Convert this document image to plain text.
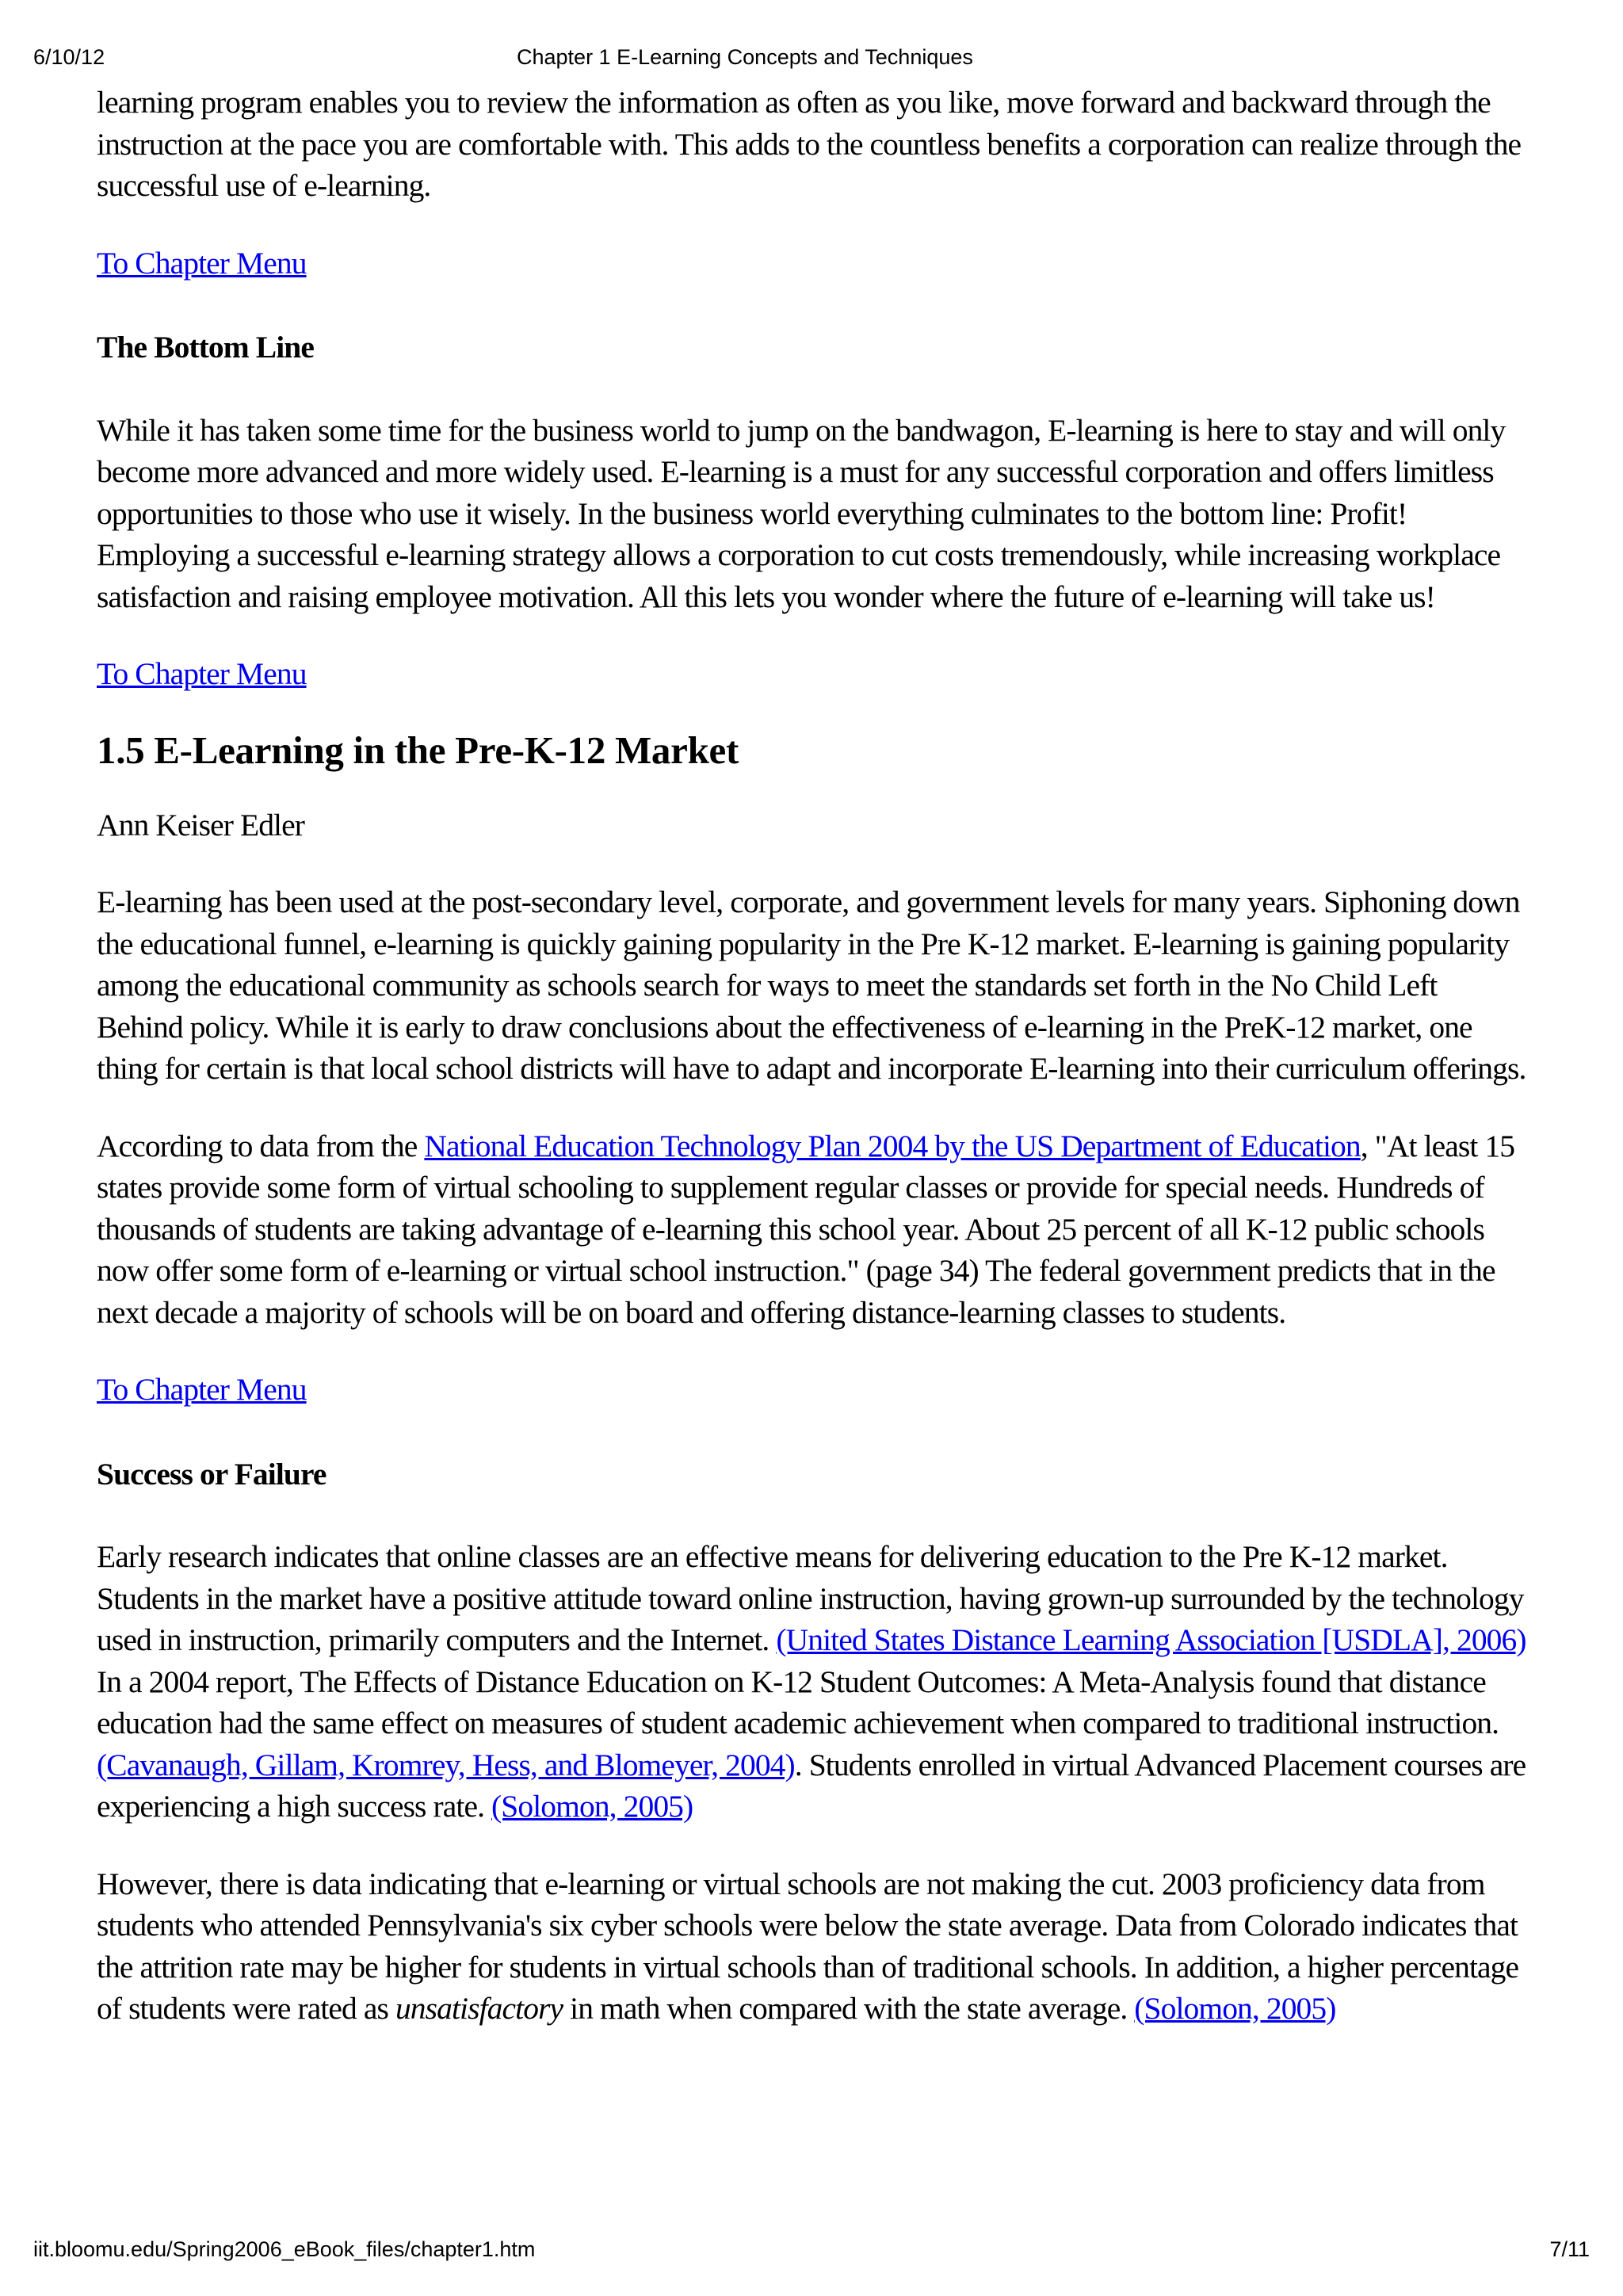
6/10/12	Chapter 1 E-Learning Concepts and Techniques

learning program enables you to review the information as often as you like, move forward and backward through the instruction at the pace you are comfortable with. This adds to the countless benefits a corporation can realize through the successful use of e-learning.

To Chapter Menu

The Bottom Line

While it has taken some time for the business world to jump on the bandwagon, E-learning is here to stay and will only become more advanced and more widely used. E-learning is a must for any successful corporation and offers limitless opportunities to those who use it wisely. In the business world everything culminates to the bottom line: Profit! Employing a successful e-learning strategy allows a corporation to cut costs tremendously, while increasing workplace satisfaction and raising employee motivation. All this lets you wonder where the future of e-learning will take us!

To Chapter Menu

1.5 E-Learning in the Pre-K-12 Market

Ann Keiser Edler

E-learning has been used at the post-secondary level, corporate, and government levels for many years. Siphoning down the educational funnel, e-learning is quickly gaining popularity in the Pre K-12 market. E-learning is gaining popularity among the educational community as schools search for ways to meet the standards set forth in the No Child Left Behind policy. While it is early to draw conclusions about the effectiveness of e-learning in the PreK-12 market, one thing for certain is that local school districts will have to adapt and incorporate E-learning into their curriculum offerings.

According to data from the National Education Technology Plan 2004 by the US Department of Education, "At least 15 states provide some form of virtual schooling to supplement regular classes or provide for special needs. Hundreds of thousands of students are taking advantage of e-learning this school year. About 25 percent of all K-12 public schools now offer some form of e-learning or virtual school instruction." (page 34) The federal government predicts that in the next decade a majority of schools will be on board and offering distance-learning classes to students.

To Chapter Menu

Success or Failure

Early research indicates that online classes are an effective means for delivering education to the Pre K-12 market. Students in the market have a positive attitude toward online instruction, having grown-up surrounded by the technology used in instruction, primarily computers and the Internet. (United States Distance Learning Association [USDLA], 2006) In a 2004 report, The Effects of Distance Education on K-12 Student Outcomes: A Meta-Analysis found that distance education had the same effect on measures of student academic achievement when compared to traditional instruction. (Cavanaugh, Gillam, Kromrey, Hess, and Blomeyer, 2004). Students enrolled in virtual Advanced Placement courses are experiencing a high success rate. (Solomon, 2005)

However, there is data indicating that e-learning or virtual schools are not making the cut. 2003 proficiency data from students who attended Pennsylvania's six cyber schools were below the state average. Data from Colorado indicates that the attrition rate may be higher for students in virtual schools than of traditional schools. In addition, a higher percentage of students were rated as unsatisfactory in math when compared with the state average. (Solomon, 2005)

iit.bloomu.edu/Spring2006_eBook_files/chapter1.htm	7/11
